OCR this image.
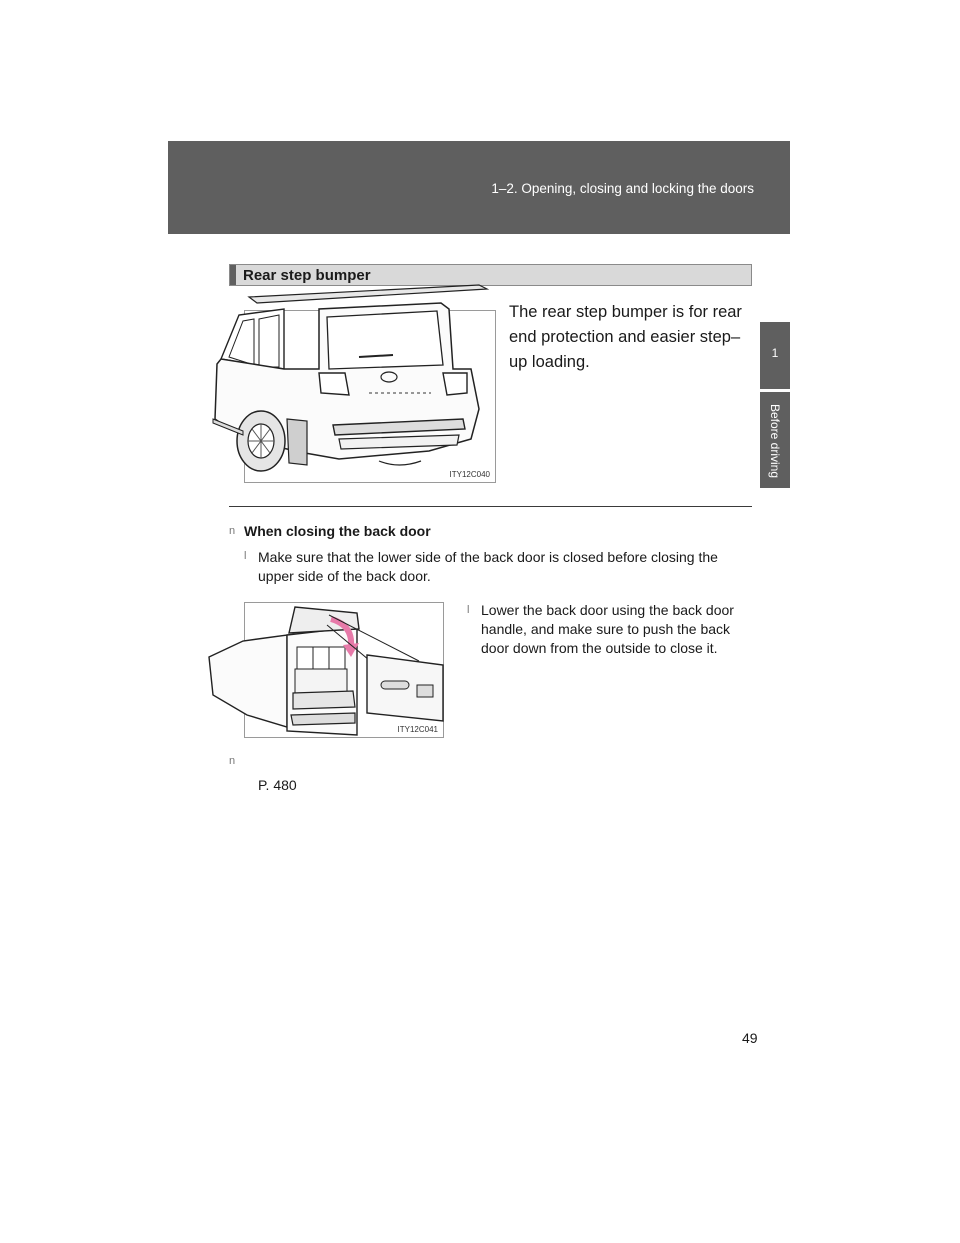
1–2. Opening, closing and locking the doors
1
Before driving
Rear step bumper
ITY12C040
The rear step bumper is for rear end protection and easier step– up loading.
n When closing the back door
l Make sure that the lower side of the back door is closed before closing the upper side of the back door.
ITY12C041
l Lower the back door using the back door handle, and make sure to push the back door down from the outside to close it.
n
P. 480
49
